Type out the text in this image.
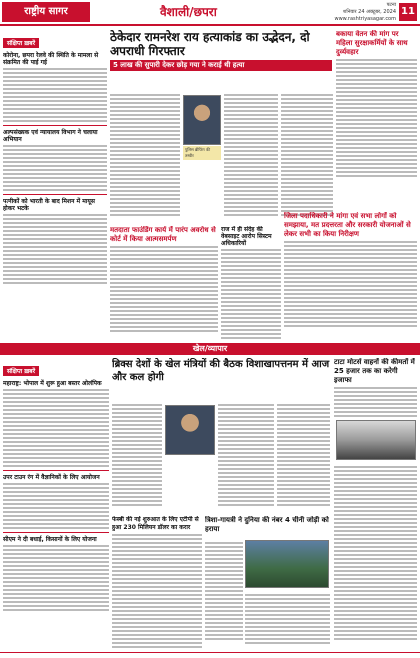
राष्ट्रीय सागर	वैशाली/छपरा	पटना
शनिवार 24 अक्टूबर, 2024
www.rashtriyasagar.com
11
संक्षिप्त ख़बरें
कोरोना, छपरा रेलवे की स्थिति के मामला से संक्रमित की पाई गई
अल्पसंख्यक एवं न्यायालय विभाग ने चलाया अभियान
पत्नीकों को भारती के बाद मिशन में मायूस होकर भटके
ठेकेदार रामनरेश राय हत्याकांड का उद्भेदन, दो अपराधी गिरफ्तार
5 लाख की सुपारी देकर छोड़ गया ने कराई थी हत्या
बकाया वेतन की मांग पर महिला सुरक्षाकर्मियों के साथ दुर्व्यवहार
पुलिस ब्रीफिंग की तस्वीर
मतदाता फाउंडिंग कार्य में पारंप अवरोध से कोर्ट में किया आत्मसमर्पण
राज में ही संदेह की वेबसाइट आरोप सिस्टम अधिकारियों
जिला पदाधिकारी ने मांगा एवं सभा लोगों को समझाया, मत प्रदत्तरता और सरकारी योजनाओं से लेकर सभी का किया निरीक्षण
खेल/व्यापार
संक्षिप्त ख़बरें
महाराष्ट्र: भोपाल में शुरू हुआ बस्तर ओलंपिक
उपर टाउन रंग में वैज्ञानिकों के लिए आयोजन
सीएम ने दी बधाई, किसानों के लिए योजना
ब्रिक्स देशों के खेल मंत्रियों की बैठक विशाखापत्तनम में आज और कल होगी
टाटा मोटर्स वाहनों की कीमतों में 25 हजार तक का करेगी इजाफा
फेस्बी की नई शुरुआत के लिए एटीपी से हुआ 230 मिलियन डॉलर का करार
त्रिशा-गायत्री ने दुनिया की नंबर 4 चीनी जोड़ी को हराया
